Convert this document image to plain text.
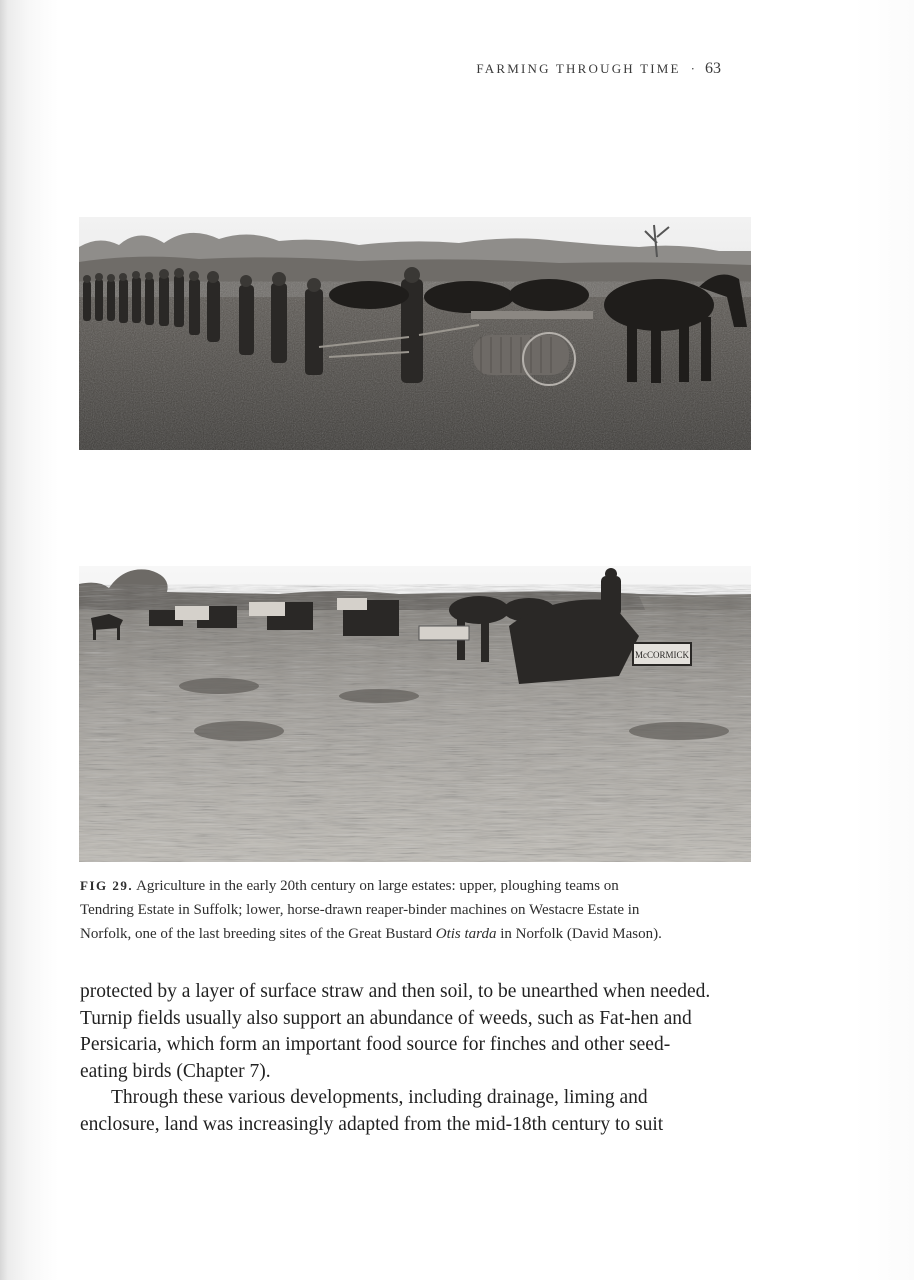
FARMING THROUGH TIME · 63
McCORMICK
FIG 29. Agriculture in the early 20th century on large estates: upper, ploughing teams on
Tendring Estate in Suffolk; lower, horse-drawn reaper-binder machines on Westacre Estate in
Norfolk, one of the last breeding sites of the Great Bustard Otis tarda in Norfolk (David Mason).

protected by a layer of surface straw and then soil, to be unearthed when needed.
Turnip fields usually also support an abundance of weeds, such as Fat-hen and
Persicaria, which form an important food source for finches and other seed-
eating birds (Chapter 7).

Through these various developments, including drainage, liming and
enclosure, land was increasingly adapted from the mid-18th century to suit
